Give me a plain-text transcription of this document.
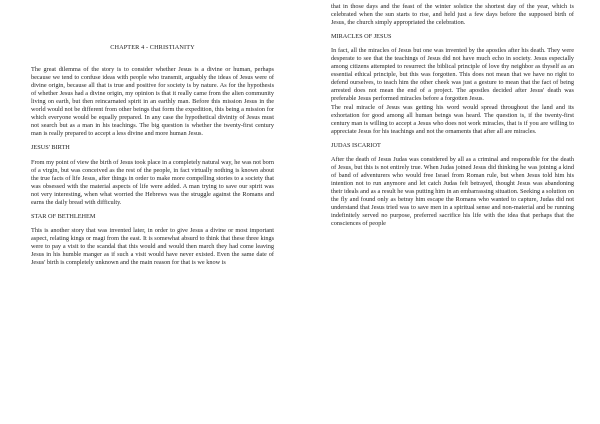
CHAPTER 4 - CHRISTIANITY

The great dilemma of the story is to consider whether Jesus is a divine or human, perhaps because we tend to confuse ideas with people who transmit, arguably the ideas of Jesus were of divine origin, because all that is true and positive for society is by nature. As for the hypothesis of whether Jesus had a divine origin, my opinion is that it really came from the alien community living on earth, but then reincarnated spirit in an earthly man. Before this mission Jesus in the world would not be different from other beings that form the expedition, this being a mission for which everyone would be equally prepared. In any case the hypothetical divinity of Jesus must not search but as a man in his teachings. The big question is whether the twenty-first century man is really prepared to accept a less divine and more human Jesus.

JESUS' BIRTH

From my point of view the birth of Jesus took place in a completely natural way, he was not born of a virgin, but was conceived as the rest of the people, in fact virtually nothing is known about the true facts of life Jesus, after things in order to make more compelling stories to a society that was obsessed with the material aspects of life were added. A man trying to save our spirit was not very interesting, when what worried the Hebrews was the struggle against the Romans and earns the daily bread with difficulty.

STAR OF BETHLEHEM

This is another story that was invented later, in order to give Jesus a divine or most important aspect, relating kings or magi from the east. It is somewhat absurd to think that these three kings were to pay a visit to the scandal that this would and would then march they had come leaving Jesus in his humble manger as if such a visit would have never existed. Even the same date of Jesus' birth is completely unknown and the main reason for that is we know is

that in those days and the feast of the winter solstice the shortest day of the year, which is celebrated when the sun starts to rise, and held just a few days before the supposed birth of Jesus, the church simply appropriated the celebration.

MIRACLES OF JESUS

In fact, all the miracles of Jesus but one was invented by the apostles after his death. They were desperate to see that the teachings of Jesus did not have much echo in society. Jesus especially among citizens attempted to resurrect the biblical principle of love thy neighbor as thyself as an essential ethical principle, but this was forgotten. This does not mean that we have no right to defend ourselves, to teach him the other cheek was just a gesture to mean that the fact of being arrested does not mean the end of a project. The apostles decided after Jesus' death was preferable Jesus performed miracles before a forgotten Jesus.

The real miracle of Jesus was getting his word would spread throughout the land and its exhortation for good among all human beings was heard. The question is, if the twenty-first century man is willing to accept a Jesus who does not work miracles, that is if you are willing to appreciate Jesus for his teachings and not the ornaments that after all are miracles.

JUDAS ISCARIOT

After the death of Jesus Judas was considered by all as a criminal and responsible for the death of Jesus, but this is not entirely true. When Judas joined Jesus did thinking he was joining a kind of band of adventurers who would free Israel from Roman rule, but when Jesus told him his intention not to run anymore and let catch Judas felt betrayed, thought Jesus was abandoning their ideals and as a result he was putting him in an embarrassing situation. Seeking a solution on the fly and found only as betray him escape the Romans who wanted to capture, Judas did not understand that Jesus tried was to save men in a spiritual sense and non-material and be running indefinitely served no purpose, preferred sacrifice his life with the idea that perhaps that the consciences of people
